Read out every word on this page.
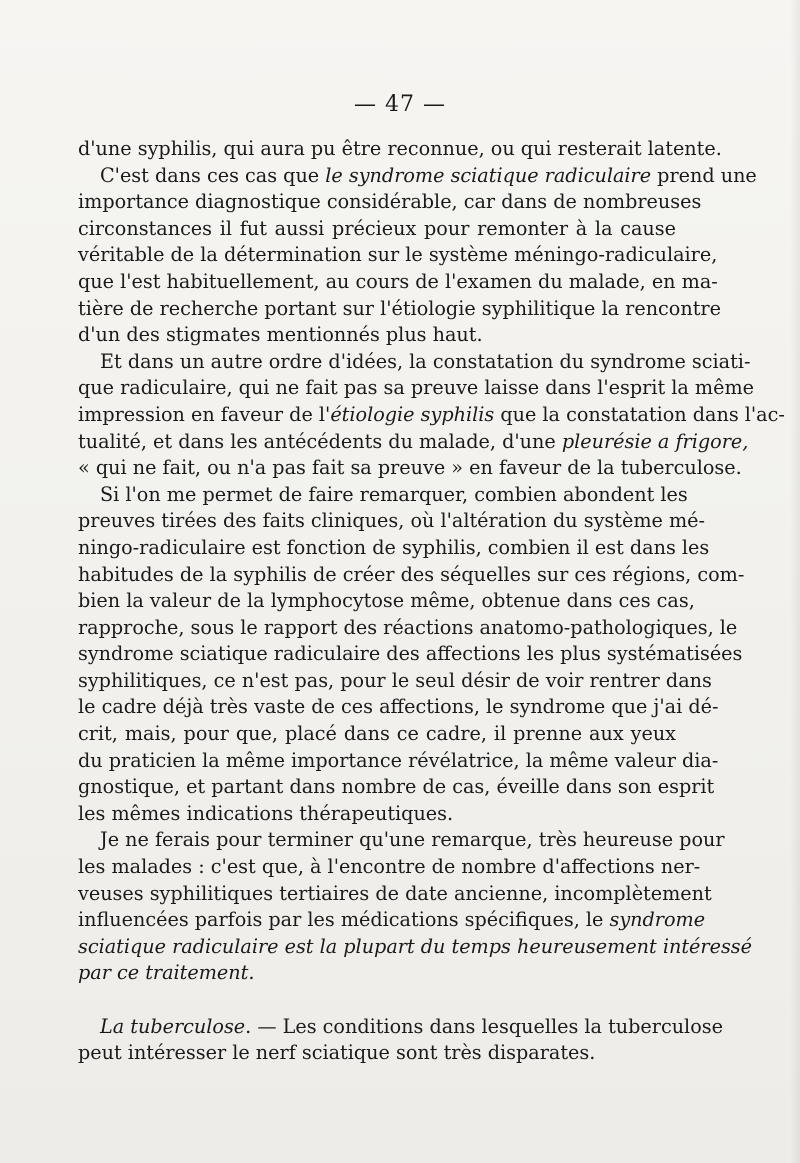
— 47 —
d'une syphilis, qui aura pu être reconnue, ou qui resterait latente.
C'est dans ces cas que le syndrome sciatique radiculaire prend une
importance diagnostique considérable, car dans de nombreuses
circonstances il fut aussi précieux pour remonter à la cause
véritable de la détermination sur le système méningo-radiculaire,
que l'est habituellement, au cours de l'examen du malade, en ma-
tière de recherche portant sur l'étiologie syphilitique la rencontre
d'un des stigmates mentionnés plus haut.
Et dans un autre ordre d'idées, la constatation du syndrome sciati-
que radiculaire, qui ne fait pas sa preuve laisse dans l'esprit la même
impression en faveur de l'étiologie syphilis que la constatation dans l'ac-
tualité, et dans les antécédents du malade, d'une pleurésie a frigore,
« qui ne fait, ou n'a pas fait sa preuve » en faveur de la tuberculose.
Si l'on me permet de faire remarquer, combien abondent les
preuves tirées des faits cliniques, où l'altération du système mé-
ningo-radiculaire est fonction de syphilis, combien il est dans les
habitudes de la syphilis de créer des séquelles sur ces régions, com-
bien la valeur de la lymphocytose même, obtenue dans ces cas,
rapproche, sous le rapport des réactions anatomo-pathologiques, le
syndrome sciatique radiculaire des affections les plus systématisées
syphilitiques, ce n'est pas, pour le seul désir de voir rentrer dans
le cadre déjà très vaste de ces affections, le syndrome que j'ai dé-
crit, mais, pour que, placé dans ce cadre, il prenne aux yeux
du praticien la même importance révélatrice, la même valeur dia-
gnostique, et partant dans nombre de cas, éveille dans son esprit
les mêmes indications thérapeutiques.
Je ne ferais pour terminer qu'une remarque, très heureuse pour
les malades : c'est que, à l'encontre de nombre d'affections ner-
veuses syphilitiques tertiaires de date ancienne, incomplètement
influencées parfois par les médications spécifiques, le syndrome
sciatique radiculaire est la plupart du temps heureusement intéressé
par ce traitement.
La tuberculose. — Les conditions dans lesquelles la tuberculose
peut intéresser le nerf sciatique sont très disparates.
